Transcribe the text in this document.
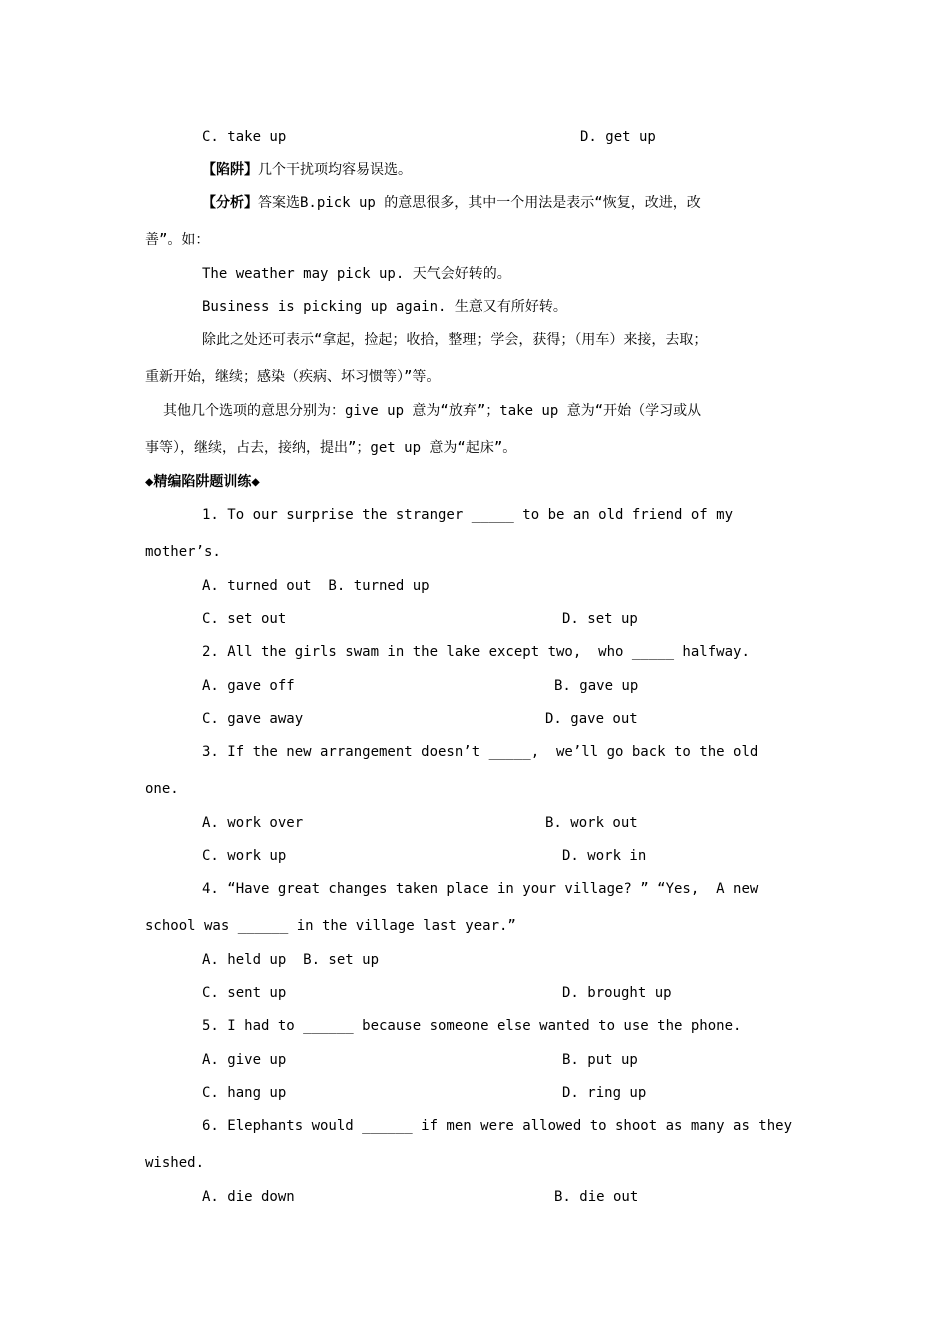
C. take up	D. get up
【陷阱】几个干扰项均容易误选。
【分析】答案选B.pick up 的意思很多，其中一个用法是表示“恢复，改进，改
善”。如：
The weather may pick up. 天气会好转的。
Business is picking up again. 生意又有所好转。
除此之处还可表示“拿起，捡起；收拾，整理；学会，获得；（用车）来接，去取；
重新开始，继续；感染（疾病、坏习惯等）”等。
其他几个选项的意思分别为：give up 意为“放弃”；take up 意为“开始（学习或从
事等），继续，占去，接纳，提出”；get up 意为“起床”。
◆精编陷阱题训练◆
1. To our surprise the stranger _____ to be an old friend of my
mother’s.
A. turned out  B. turned up
C. set out	D. set up
2. All the girls swam in the lake except two,  who _____ halfway.
A. gave off	B. gave up
C. gave away	D. gave out
3. If the new arrangement doesn’t _____,  we’ll go back to the old
one.
A. work over	B. work out
C. work up	D. work in
4. “Have great changes taken place in your village? ” “Yes,  A new
school was ______ in the village last year.”
A. held up  B. set up
C. sent up	D. brought up
5. I had to ______ because someone else wanted to use the phone.
A. give up	B. put up
C. hang up	D. ring up
6. Elephants would ______ if men were allowed to shoot as many as they
wished.
A. die down	B. die out
